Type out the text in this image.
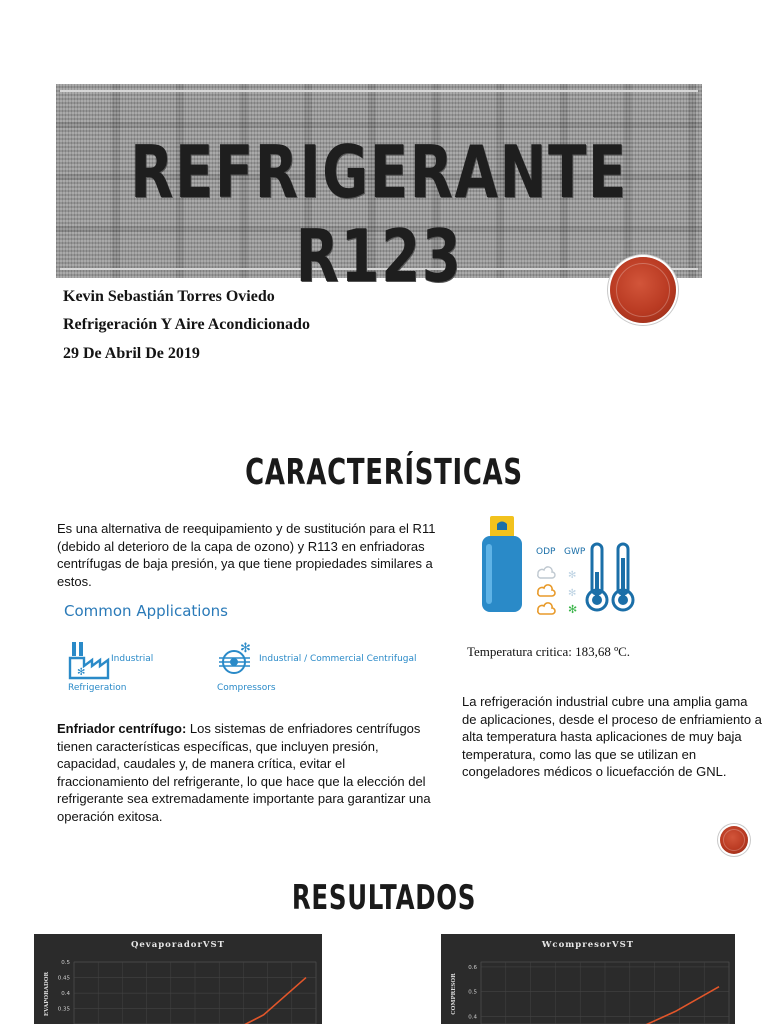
REFRIGERANTE R123
Kevin Sebastián Torres Oviedo
Refrigeración Y Aire Acondicionado
29 De Abril De 2019
CARACTERÍSTICAS

Es una alternativa de reequipamiento y de sustitución para el R11 (debido al deterioro de la capa de ozono) y R113 en enfriadoras centrífugas de baja presión, ya que tiene propiedades similares a estos.

Common Applications
✻
Industrial
Refrigeration
✻
Industrial / Commercial Centrifugal
Compressors
ODP GWP
✻
✻
✻
Temperatura critica: 183,68 ºC.

Enfriador centrífugo: Los sistemas de enfriadores centrífugos tienen características específicas, que incluyen presión, capacidad, caudales y, de manera crítica, evitar el fraccionamiento del refrigerante, lo que hace que la elección del refrigerante sea extremadamente importante para garantizar una operación exitosa.

La refrigeración industrial cubre una amplia gama de aplicaciones, desde el proceso de enfriamiento a alta temperatura hasta aplicaciones de muy baja temperatura, como las que se utilizan en congeladores médicos o licuefacción de GNL.

RESULTADOS
QevaporadorVST
0.5
0.45
0.4
0.35
EVAPORADOR
WcompresorVST
0.6
0.5
0.4
COMPRESOR
